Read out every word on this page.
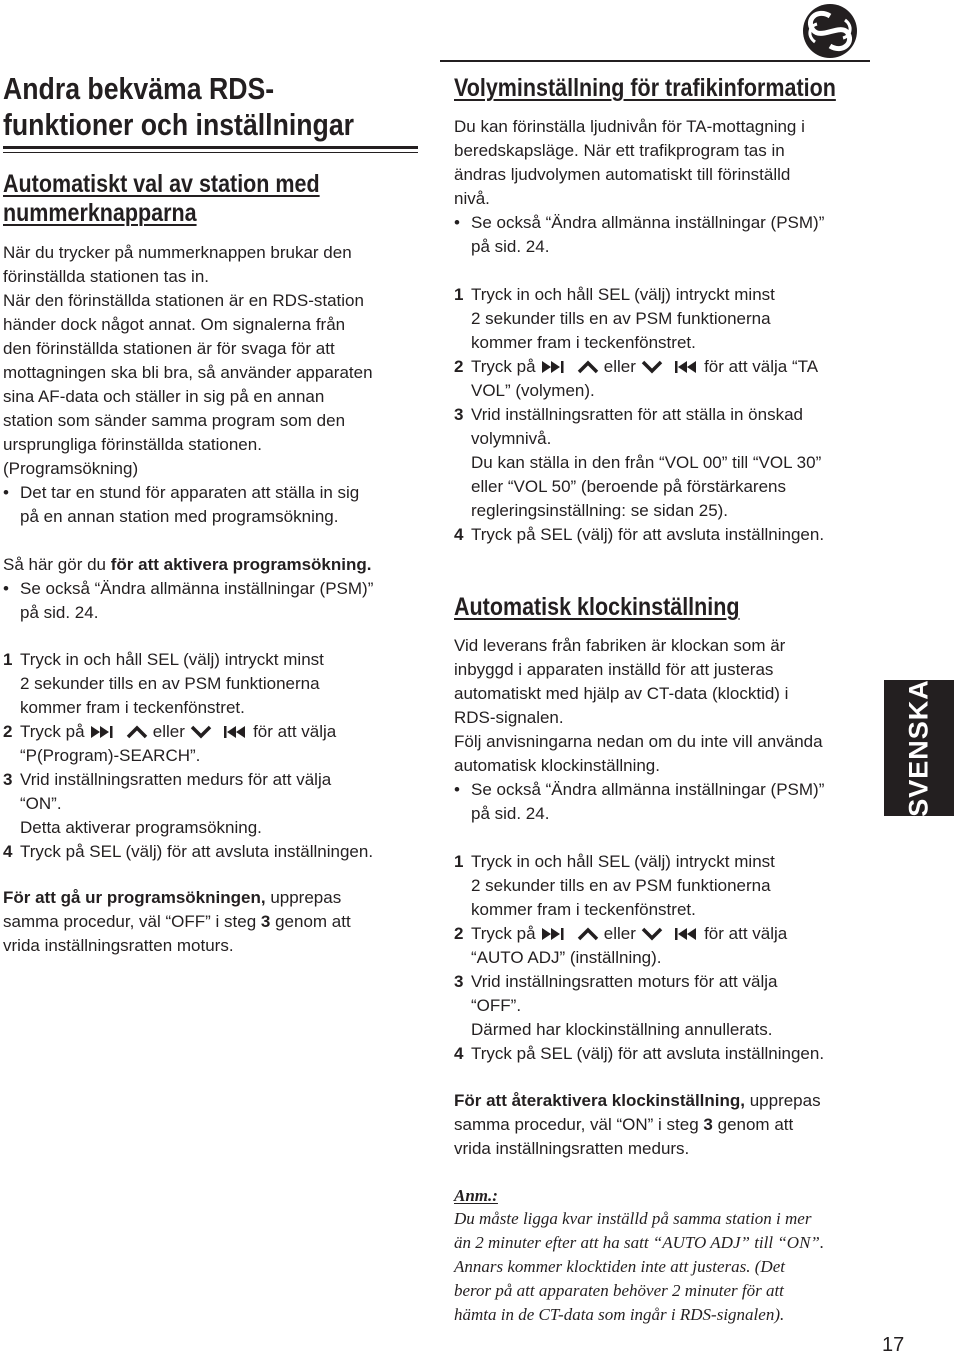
Andra bekväma RDS-
funktioner och inställningar
Automatiskt val av station med
nummerknapparna

När du trycker på nummerknappen brukar den

förinställda stationen tas in.

När den förinställda stationen är en RDS-station

händer dock något annat. Om signalerna från

den förinställda stationen är för svaga för att

mottagningen ska bli bra, så använder apparaten

sina AF-data och ställer in sig på en annan

station som sänder samma program som den

ursprungliga förinställda stationen.

(Programsökning)

• Det tar en stund för apparaten att ställa in sig

på en annan station med programsökning.

Så här gör du för att aktivera programsökning.

• Se också “Ändra allmänna inställningar (PSM)”

på sid. 24.

1 Tryck in och håll SEL (välj) intryckt minst

2 sekunder tills en av PSM funktionerna

kommer fram i teckenfönstret.

2 Tryck på	eller	för att välja

“P(Program)-SEARCH”.

3 Vrid inställningsratten medurs för att välja

“ON”.

Detta aktiverar programsökning.

4 Tryck på SEL (välj) för att avsluta inställningen.

För att gå ur programsökningen, upprepas

samma procedur, väl “OFF” i steg 3 genom att

vrida inställningsratten moturs.

Volyminställning för trafikinformation

Du kan förinställa ljudnivån för TA-mottagning i

beredskapsläge. När ett trafikprogram tas in

ändras ljudvolymen automatiskt till förinställd

nivå.

• Se också “Ändra allmänna inställningar (PSM)”

på sid. 24.

1 Tryck in och håll SEL (välj) intryckt minst

2 sekunder tills en av PSM funktionerna

kommer fram i teckenfönstret.

2 Tryck på	eller	för att välja “TA

VOL” (volymen).

3 Vrid inställningsratten för att ställa in önskad

volymnivå.

Du kan ställa in den från “VOL 00” till “VOL 30”

eller “VOL 50” (beroende på förstärkarens

regleringsinställning: se sidan 25).

4 Tryck på SEL (välj) för att avsluta inställningen.

Automatisk klockinställning

Vid leverans från fabriken är klockan som är

inbyggd i apparaten inställd för att justeras

automatiskt med hjälp av CT-data (klocktid) i

RDS-signalen.

Följ anvisningarna nedan om du inte vill använda

automatisk klockinställning.

• Se också “Ändra allmänna inställningar (PSM)”

på sid. 24.

1 Tryck in och håll SEL (välj) intryckt minst

2 sekunder tills en av PSM funktionerna

kommer fram i teckenfönstret.

2 Tryck på	eller	för att välja

“AUTO ADJ” (inställning).

3 Vrid inställningsratten moturs för att välja

“OFF”.

Därmed har klockinställning annullerats.

4 Tryck på SEL (välj) för att avsluta inställningen.

För att återaktivera klockinställning, upprepas

samma procedur, väl “ON” i steg 3 genom att

vrida inställningsratten medurs.

Anm.:

Du måste ligga kvar inställd på samma station i mer

än 2 minuter efter att ha satt “AUTO ADJ” till “ON”.

Annars kommer klocktiden inte att justeras. (Det

beror på att apparaten behöver 2 minuter för att

hämta in de CT-data som ingår i RDS-signalen).

SVENSKA
17
